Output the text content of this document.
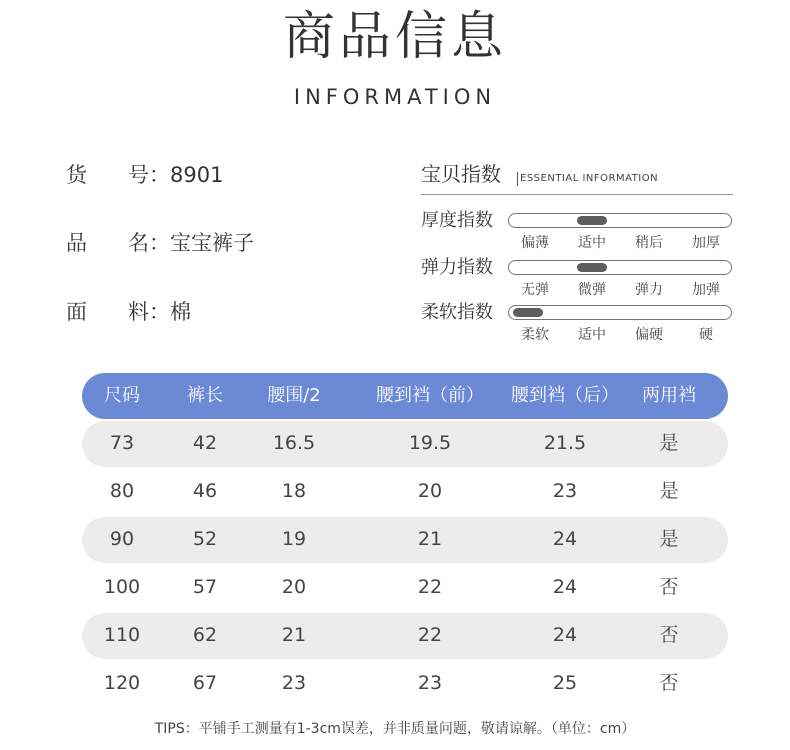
商品信息
INFORMATION
货 号：8901
品 名：宝宝裤子
面 料：棉
宝贝指数	ESSENTIAL INFORMATION
厚度指数
偏薄 适中 稍后 加厚
弹力指数
无弹 微弹 弹力 加弹
柔软指数
柔软 适中 偏硬	硬
尺码	裤长 腰围/2	腰到裆（前） 腰到裆（后） 两用裆
73	42	16.5	19.5	21.5	是
80	46	18	20	23	是
90	52	19	21	24	是
100	57	20	22	24	否
110	62	21	22	24	否
120	67	23	23	25	否
TIPS：平铺手工测量有1-3cm误差，并非质量问题，敬请谅解。（单位：cm）
